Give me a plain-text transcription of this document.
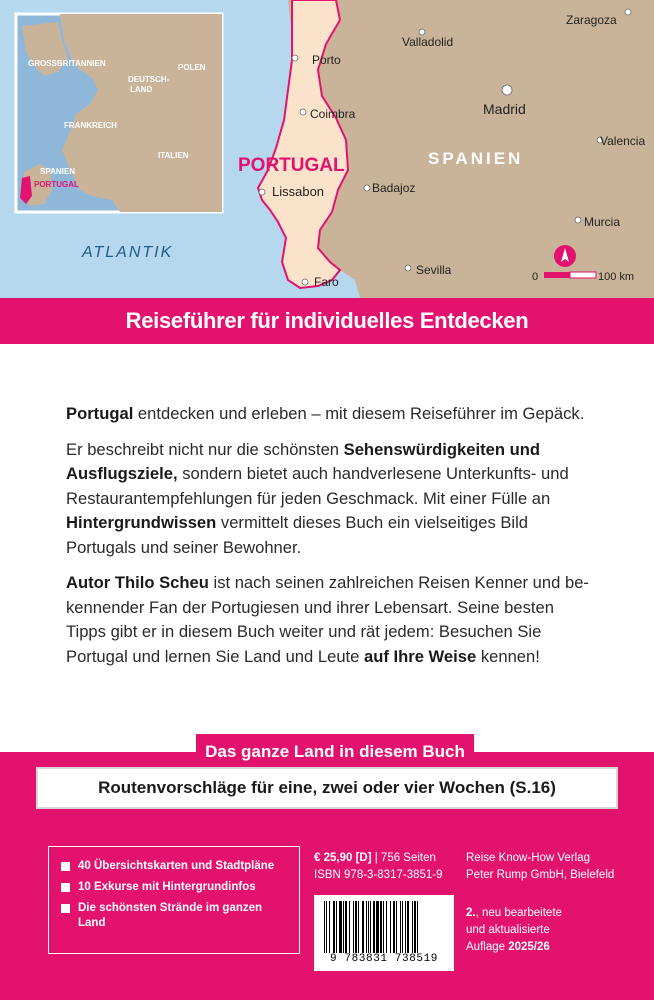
Porto
Coimbra
Lissabon
Faro
Valladolid
Madrid
Zaragoza
Valencia
Badajoz
Murcia
Sevilla
PORTUGAL	SPANIEN
ATLANTIK
0	100 km
GROSSBRITANNIEN	POLEN
DEUTSCH-
LAND
FRANKREICH
ITALIEN
SPANIEN
PORTUGAL
Reiseführer für individuelles Entdecken

Portugal entdecken und erleben – mit diesem Reiseführer im Gepäck.

Er beschreibt nicht nur die schönsten Sehenswürdigkeiten und Ausflugsziele, sondern bietet auch handverlesene Unterkunfts- und Restaurantempfehlungen für jeden Geschmack. Mit einer Fülle an Hintergrundwissen vermittelt dieses Buch ein vielseitiges Bild Portugals und seiner Bewohner.

Autor Thilo Scheu ist nach seinen zahlreichen Reisen Kenner und bekennender Fan der Portugiesen und ihrer Lebensart. Seine besten Tipps gibt er in diesem Buch weiter und rät jedem: Besuchen Sie Portugal und lernen Sie Land und Leute auf Ihre Weise kennen!

Das ganze Land in diesem Buch
Routenvorschläge für eine, zwei oder vier Wochen (S.16)
40 Übersichtskarten und Stadtpläne
10 Exkurse mit Hintergrundinfos
Die schönsten Strände im ganzen Land
€ 25,90 [D] | 756 Seiten
ISBN 978-3-8317-3851-9
Reise Know-How Verlag
Peter Rump GmbH, Bielefeld
2., neu bearbeitete
und aktualisierte
Auflage 2025/26
9 783831 738519
